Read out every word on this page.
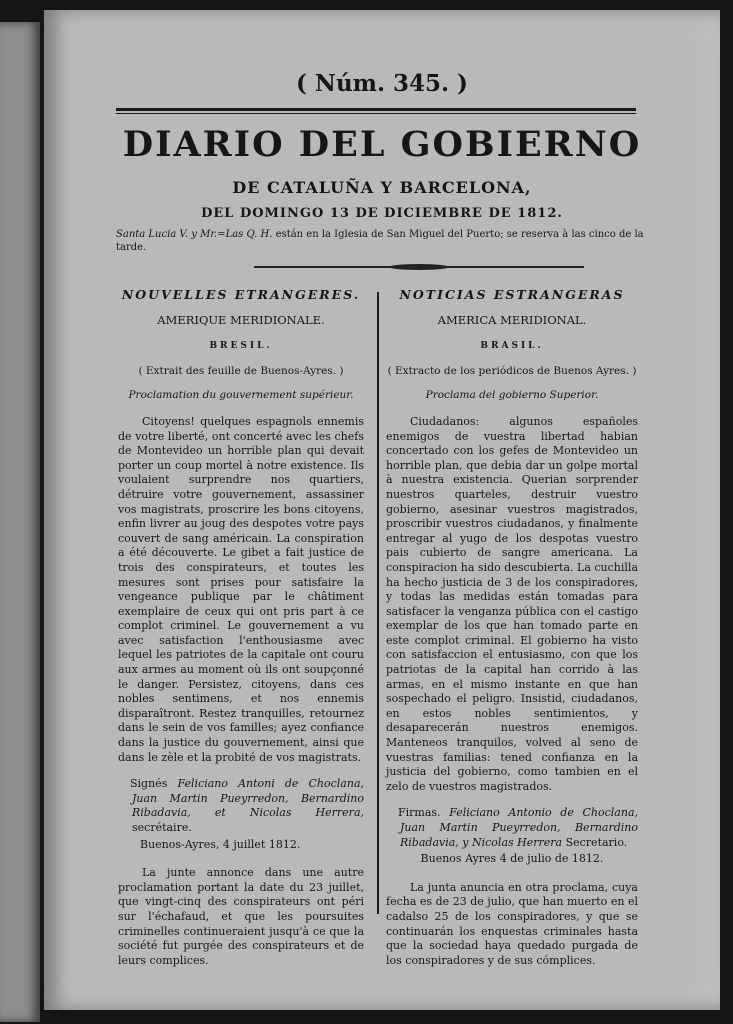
( Núm. 345. )
DIARIO DEL GOBIERNO
DE CATALUÑA Y BARCELONA,
DEL DOMINGO 13 DE DICIEMBRE DE 1812.
Santa Lucia V. y Mr.=Las Q. H. están en la Iglesia de San Miguel del Puerto; se reserva à las cinco de la tarde.
NOUVELLES ETRANGERES.
AMERIQUE MERIDIONALE.
BRESIL.
( Extrait des feuille de Buenos-Ayres. )
Proclamation du gouvernement supérieur.

Citoyens! quelques espagnols ennemis de votre liberté, ont concerté avec les chefs de Montevideo un horrible plan qui devait porter un coup mortel à notre existence. Ils voulaient surprendre nos quartiers, détruire votre gouvernement, assassiner vos magistrats, proscrire les bons citoyens, enfin livrer au joug des despotes votre pays couvert de sang américain. La conspiration a été découverte. Le gibet a fait justice de trois des conspirateurs, et toutes les mesures sont prises pour satisfaire la vengeance publique par le châtiment exemplaire de ceux qui ont pris part à ce complot criminel. Le gouvernement a vu avec satisfaction l'enthousiasme avec lequel les patriotes de la capitale ont couru aux armes au moment où ils ont soupçonné le danger. Persistez, citoyens, dans ces nobles sentimens, et nos ennemis disparaîtront. Restez tranquilles, retournez dans le sein de vos familles; ayez confiance dans la justice du gouvernement, ainsi que dans le zèle et la probité de vos magistrats.

Signés Feliciano Antoni de Choclana, Juan Martin Pueyrredon, Bernardino Ribadavia, et Nicolas Herrera, secrétaire.

Buenos-Ayres, 4 juillet 1812.

La junte annonce dans une autre proclamation portant la date du 23 juillet, que vingt-cinq des conspirateurs ont péri sur l'échafaud, et que les poursuites criminelles continueraient jusqu'à ce que la société fut purgée des conspirateurs et de leurs complices.

NOTICIAS ESTRANGERAS
AMERICA MERIDIONAL.
BRASIL.
( Extracto de los periódicos de Buenos Ayres. )
Proclama del gobierno Superior.

Ciudadanos: algunos españoles enemigos de vuestra libertad habian concertado con los gefes de Montevideo un horrible plan, que debia dar un golpe mortal à nuestra existencia. Querian sorprender nuestros quarteles, destruir vuestro gobierno, asesinar vuestros magistrados, proscribir vuestros ciudadanos, y finalmente entregar al yugo de los despotas vuestro pais cubierto de sangre americana. La conspiracion ha sido descubierta. La cuchilla ha hecho justicia de 3 de los conspiradores, y todas las medidas están tomadas para satisfacer la venganza pública con el castigo exemplar de los que han tomado parte en este complot criminal. El gobierno ha visto con satisfaccion el entusiasmo, con que los patriotas de la capital han corrido à las armas, en el mismo instante en que han sospechado el peligro. Insistid, ciudadanos, en estos nobles sentimientos, y desaparecerán nuestros enemigos. Manteneos tranquilos, volved al seno de vuestras familias: tened confianza en la justicia del gobierno, como tambien en el zelo de vuestros magistrados.

Firmas. Feliciano Antonio de Choclana, Juan Martin Pueyrredon, Bernardino Ribadavia, y Nicolas Herrera Secretario.

Buenos Ayres 4 de julio de 1812.

La junta anuncia en otra proclama, cuya fecha es de 23 de julio, que han muerto en el cadalso 25 de los conspiradores, y que se continuarán los enquestas criminales hasta que la sociedad haya quedado purgada de los conspiradores y de sus cómplices.
